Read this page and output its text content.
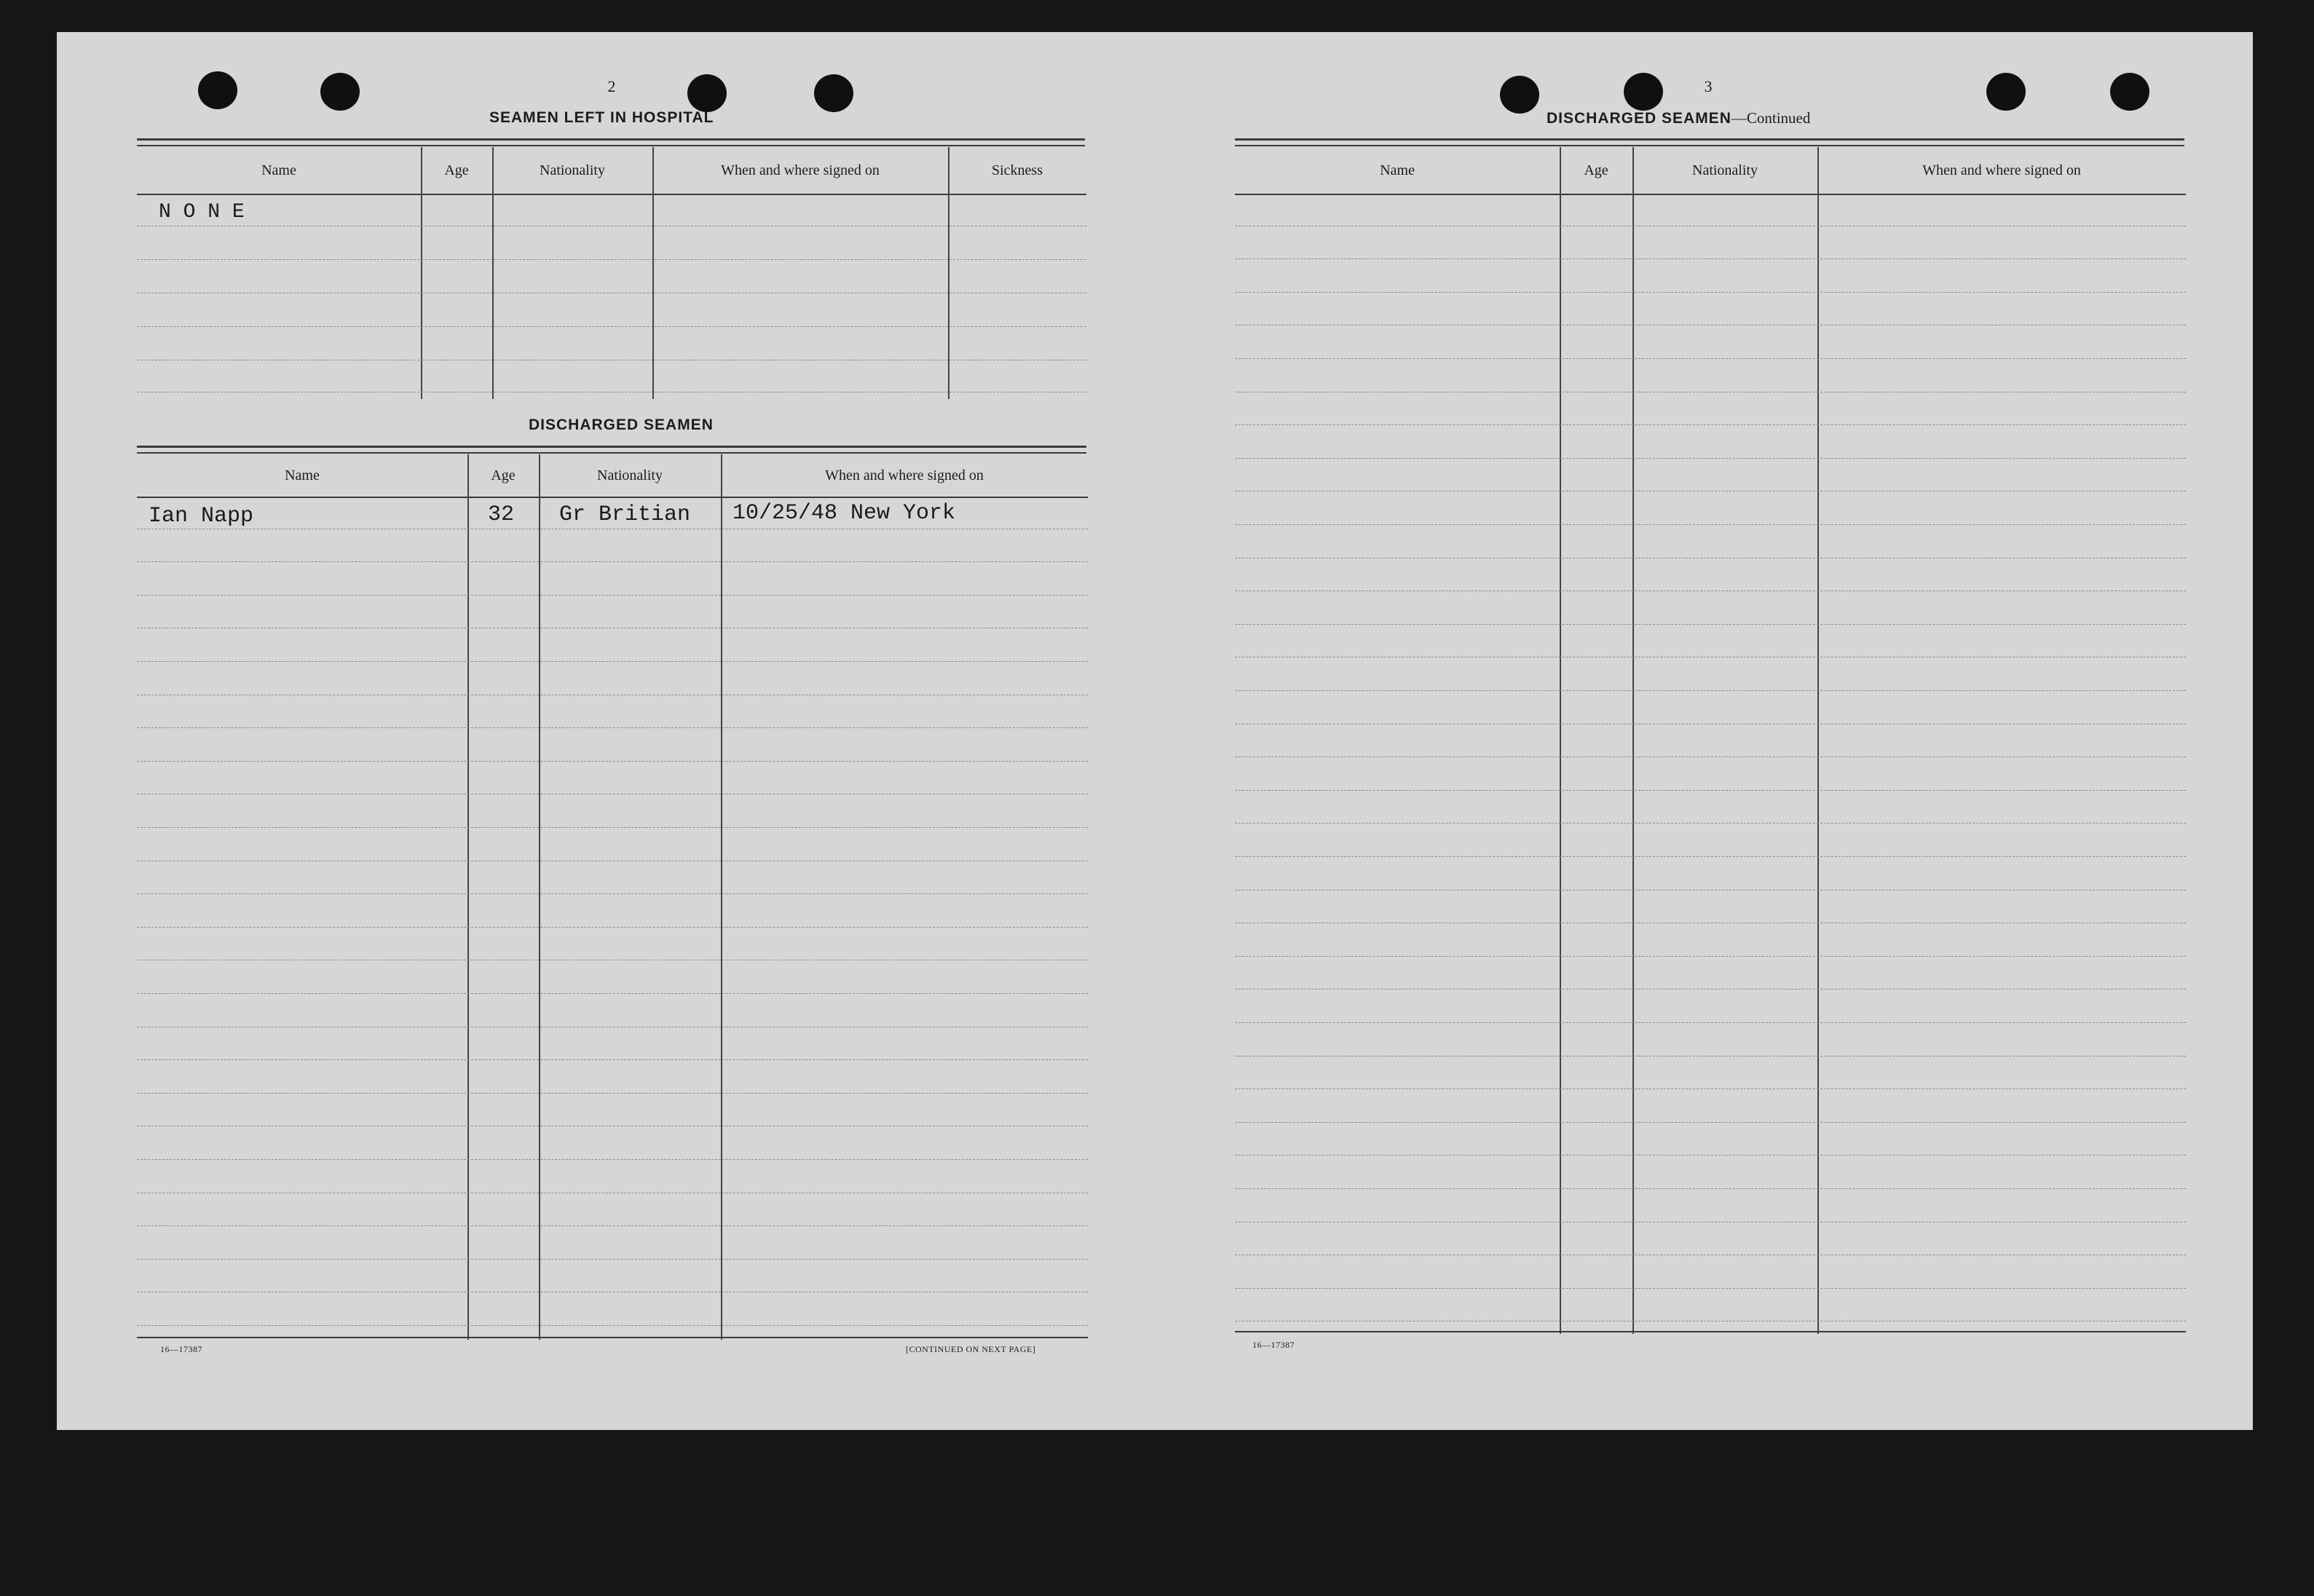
2
SEAMEN LEFT IN HOSPITAL
Name	Age	Nationality	When and where signed on	Sickness
N O N E
DISCHARGED SEAMEN
Name	Age	Nationality	When and where signed on
Ian Napp	32 Gr Britian 10/25/48 New York
16—17387	[CONTINUED ON NEXT PAGE]
3
DISCHARGED SEAMEN—Continued
Name	Age	Nationality	When and where signed on
16—17387
